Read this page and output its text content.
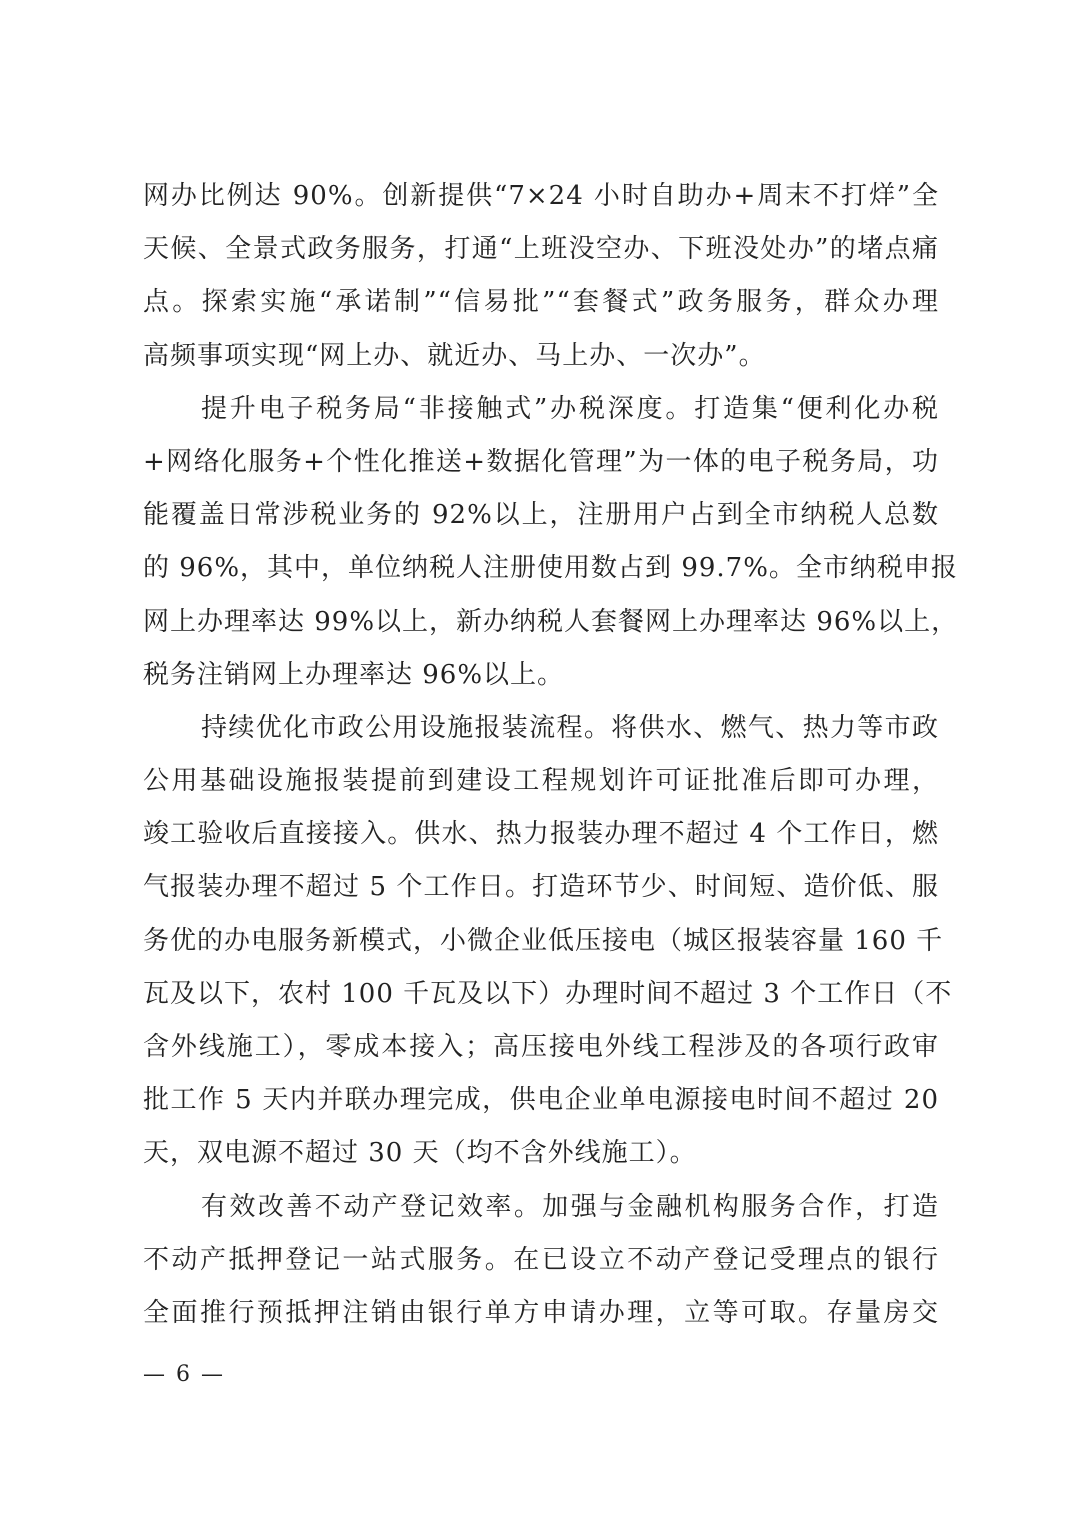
网办比例达 90%。创新提供“7×24 小时自助办+周末不打烊”全
天候、全景式政务服务，打通“上班没空办、下班没处办”的堵点痛
点。探索实施“承诺制”“信易批”“套餐式”政务服务，群众办理
高频事项实现“网上办、就近办、马上办、一次办”。
提升电子税务局“非接触式”办税深度。打造集“便利化办税
+网络化服务+个性化推送+数据化管理”为一体的电子税务局，功
能覆盖日常涉税业务的 92%以上，注册用户占到全市纳税人总数
的 96%，其中，单位纳税人注册使用数占到 99.7%。全市纳税申报
网上办理率达 99%以上，新办纳税人套餐网上办理率达 96%以上，
税务注销网上办理率达 96%以上。
持续优化市政公用设施报装流程。将供水、燃气、热力等市政
公用基础设施报装提前到建设工程规划许可证批准后即可办理，
竣工验收后直接接入。供水、热力报装办理不超过 4 个工作日，燃
气报装办理不超过 5 个工作日。打造环节少、时间短、造价低、服
务优的办电服务新模式，小微企业低压接电（城区报装容量 160 千
瓦及以下，农村 100 千瓦及以下）办理时间不超过 3 个工作日（不
含外线施工），零成本接入；高压接电外线工程涉及的各项行政审
批工作 5 天内并联办理完成，供电企业单电源接电时间不超过 20
天，双电源不超过 30 天（均不含外线施工）。
有效改善不动产登记效率。加强与金融机构服务合作，打造
不动产抵押登记一站式服务。在已设立不动产登记受理点的银行
全面推行预抵押注销由银行单方申请办理，立等可取。存量房交
— 6 —
